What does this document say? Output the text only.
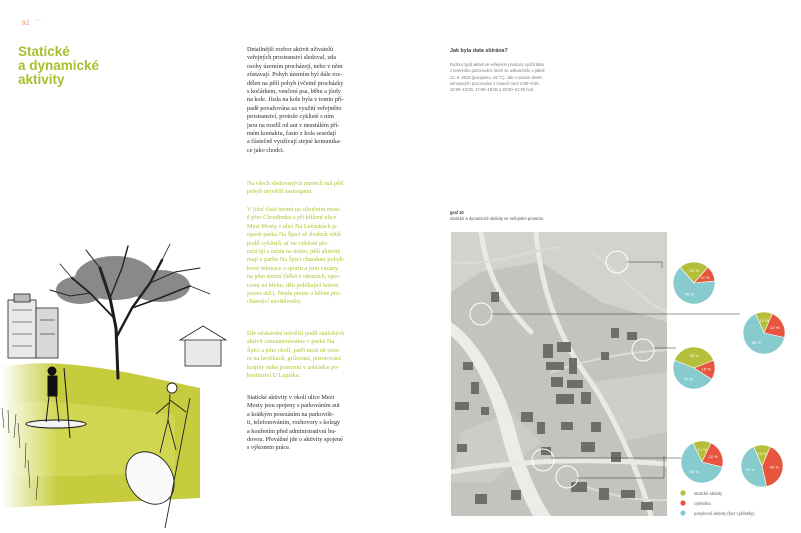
92  ⌒  ·
Statické
a dynamické
aktivity
Detailnější rozbor aktivit uživatelů
veřejných prostranství sledoval, zda
osoby územím procházejí, nebo v něm
zůstávají. Pohyb územím byl dále roz-
dělen na pěší pohyb (včetně procházky
s kočárkem, venčení psa, běhu a jízdy
na kole. Jízda na kole byla v tomto pří-
padě považována za využití veřejného
prostranství, protože cyklisté s ním
jsou na rozdíl od aut v neustálém pří-
mém kontaktu, často z kola sesedají
a částečně využívají stejné komunika-
ce jako chodci.
Na všech sledovaných místech má pěší
pohyb největší zastoupení.
V jižní části území na silničním most-
ě přes Chrudimku a při křížení ulice
Mezi Mosty s ulicí Na Ležánkách je
oproti parku Na Špici až dvakrát větší
podíl cyklistů, ať ne cyklisté pře-
mísťují z místa na místo, pěší aktivity
mají v parku Na Špici charakter pohyb-
bové rekreace a sportu a jsou vázány
na jeho území (běhá v okruzích, spor-
tovní na břehu, děti pobíhající kolem
jezera atd.). Nejde pouze o běžné pro-
cházející návštěvníky.
Dle očekávání největší podíl statických
aktivit zaznamenáváme v parku Na
Špici a jeho okolí, patří mezi ně seze-
ní na lavičkách, grilování, pozorování
krajiny nebo posezení v zahrádce po-
hostinství U Lupíška.
Statické aktivity v okolí ulice Mezi
Mosty jsou spojeny s parkováním aut
a krátkým posezáním na parkovišt-
ti, telefonováním, rozhovory s kolegy
a kouřením před administrativní bu-
dovou. Převážné jde o aktivity spojené
s výkonem práce.
Jak byla data sbírána?
Rozbor typů aktivit ve veřejném prostoru využil data
z terénního pozorování, které se uskutečnilo v pátek
12. 6. 2018 (polojasno, 19 °C). Jde o soubor deset-
minutových pozorování v časech mezi 8:00–9:00,
12:00–13:00, 17:00–18:00 a 20:00–21:00 hod.
graf 10
statické a dynamické aktivity ve veřejném prostoru
23 %
12 %
65 %
13 %
22 %
65 %
38 %
15 %
47 %
14 %
22 %
64 %
13 %
40 %
47 %
statické aktivity
cyklistika
pohybové aktivity (bez cyklistiky)
